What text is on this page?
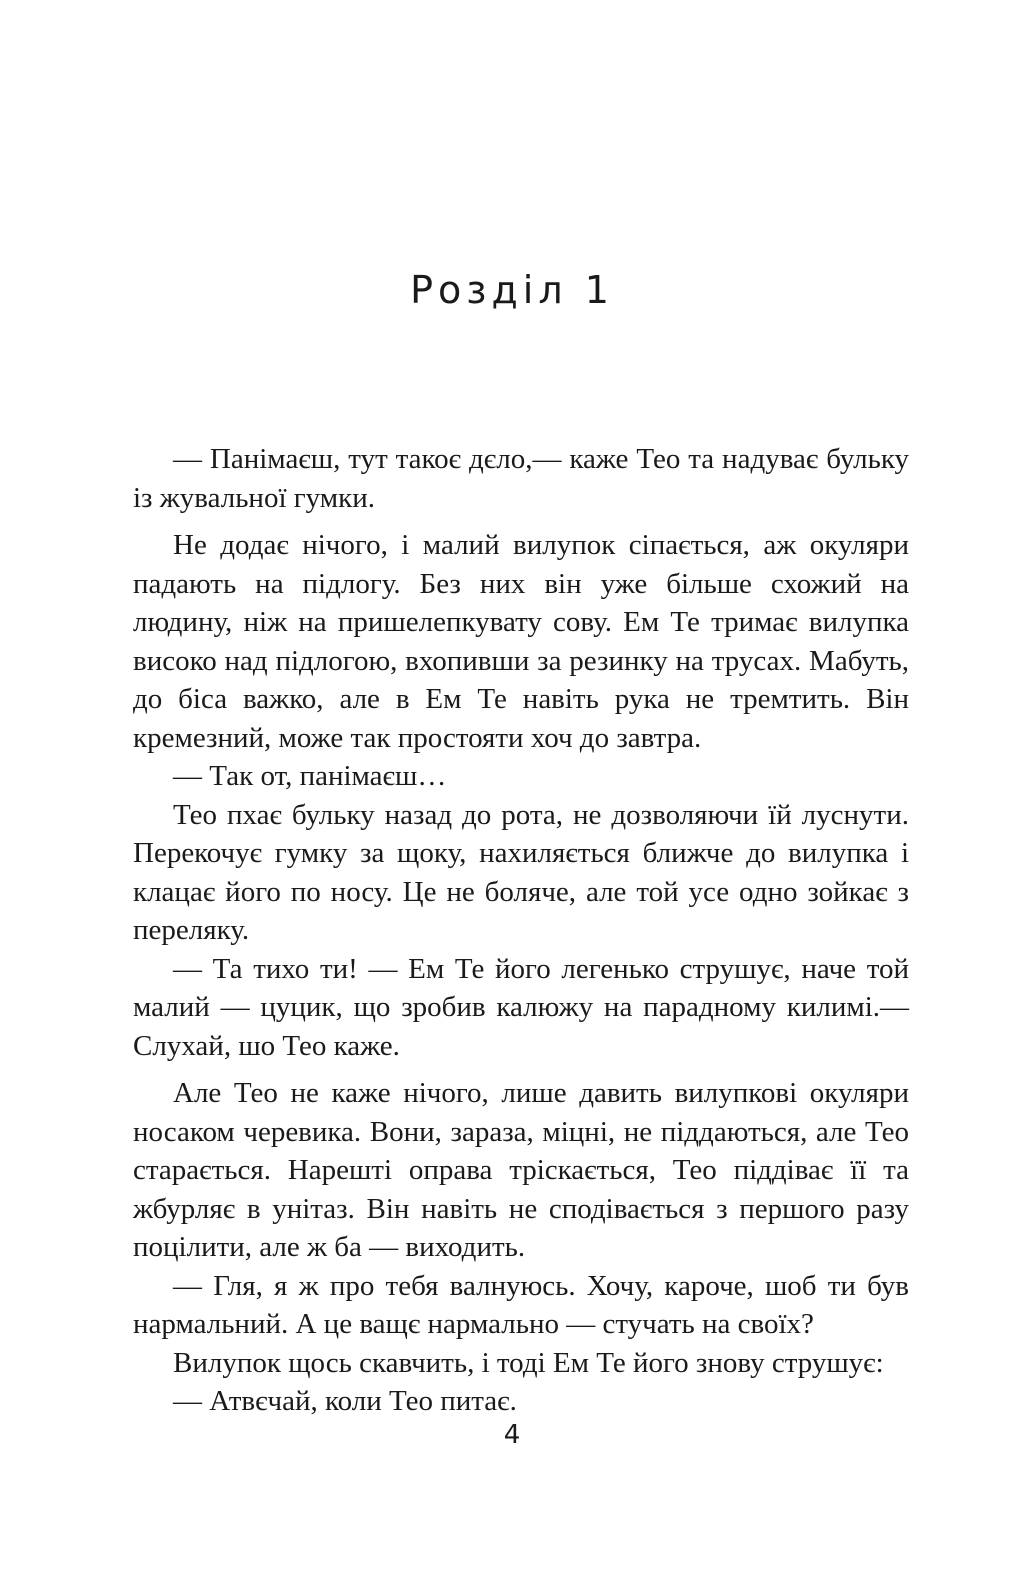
Розділ 1

— Панімаєш, тут такоє дєло,— каже Тео та надуває бульку із жувальної гумки.

Не додає нічого, і малий вилупок сіпається, аж окуляри падають на підлогу. Без них він уже більше схожий на людину, ніж на пришелепкувату сову. Ем Те тримає вилупка високо над підлогою, вхопивши за резинку на трусах. Мабуть, до біса важко, але в Ем Те навіть рука не тремтить. Він кремезний, може так простояти хоч до завтра.

— Так от, панімаєш…

Тео пхає бульку назад до рота, не дозволяючи їй луснути. Перекочує гумку за щоку, нахиляється ближче до вилупка і клацає його по носу. Це не боляче, але той усе одно зойкає з переляку.

— Та тихо ти! — Ем Те його легенько струшує, наче той малий — цуцик, що зробив калюжу на парадному килимі.— Слухай, шо Тео каже.

Але Тео не каже нічого, лише давить вилупкові окуляри носаком черевика. Вони, зараза, міцні, не піддаються, але Тео старається. Нарешті оправа тріскається, Тео піддіває її та жбурляє в унітаз. Він навіть не сподівається з першого разу поцілити, але ж ба — виходить.

— Гля, я ж про тебя валнуюсь. Хочу, кароче, шоб ти був нармальний. А це ващє нармально — стучать на своїх?

Вилупок щось скавчить, і тоді Ем Те його знову струшує:

— Атвєчай, коли Тео питає.

4
